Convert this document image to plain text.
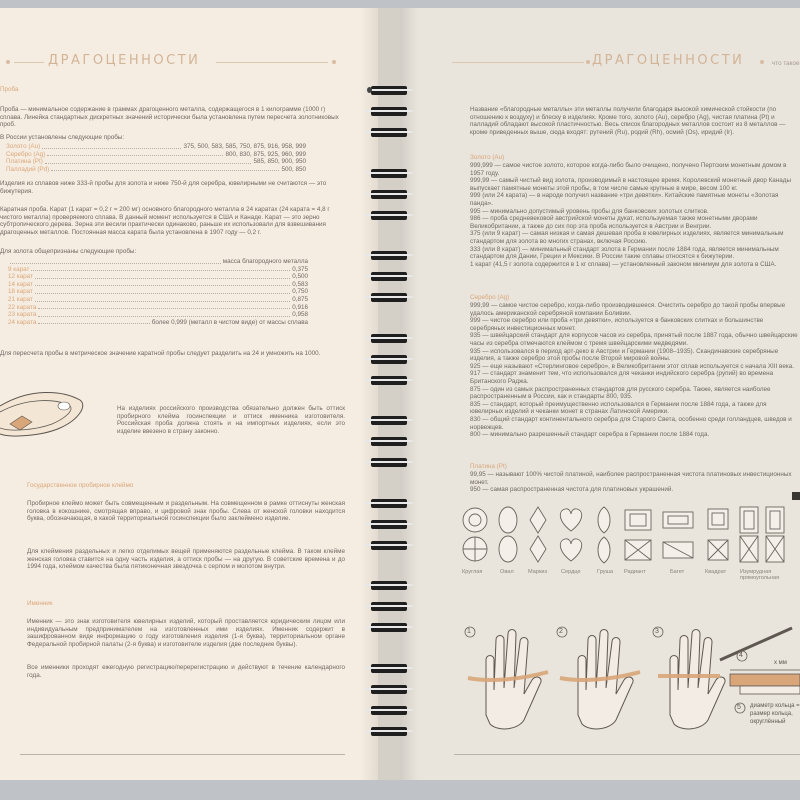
ДРАГОЦЕННОСТИ
Проба
Проба — минимальное содержание в граммах драгоценного металла, содержащегося в 1 килограмме (1000 г) сплава. Линейка стандартных дискретных значений исторически была установлена путем пересчета золотниковых проб.
В России установлены следующие пробы:
Золото (Au)	375, 500, 583, 585, 750, 875, 916, 958, 999
Серебро (Ag)	800, 830, 875, 925, 960, 999
Платина (Pt)	585, 850, 900, 950
Палладий (Pd)	500, 850
Изделия из сплавов ниже 333-й пробы для золота и ниже 750-й для серебра, ювелирными не считаются — это бижутерия.
Каратная проба. Карат (1 карат = 0,2 г = 200 мг) основного благородного металла в 24 каратах (24 карата = 4,8 г чистого металла) проверяемого сплава. В данный момент используется в США и Канаде. Карат — это зерно субтропического дерева. Зерна эти весили практически одинаково, раньше их использовали для взвешивания драгоценных металлов. Постоянная масса карата была установлена в 1907 году — 0,2 г.
Для золота общепризнаны следующие пробы:
масса благородного металла
9 карат	0,375
12 карат	0,500
14 карат	0,583
18 карат	0,750
21 карат	0,875
22 карата	0,916
23 карата	0,958
24 карата	более 0,999 (металл в чистом виде) от массы сплава
Для пересчета пробы в метрическое значение каратной пробы следует разделить на 24 и умножить на 1000.
На изделиях российского производства обязательно должен быть оттиск пробирного клейма госинспекции и оттиск именника изготовителя. Российская проба должна стоять и на импортных изделиях, если это изделие ввезено в страну законно.
Государственное пробирное клеймо
Пробирное клеймо может быть совмещенным и раздельным. На совмещенном в рамке оттиснуты женская головка в кокошнике, смотрящая вправо, и цифровой знак пробы. Слева от женской головки находится буква, обозначающая, в какой территориальной госинспекции было заклеймено изделие.
Для клеймения раздельных и легко отделимых вещей применяются раздельные клейма. В таком клейме женская головка ставится на одну часть изделия, а оттиск пробы — на другую. В советские времена и до 1994 года, клеймом качества была пятиконечная звездочка с серпом и молотом внутри.
Именник
Именник — это знак изготовителя ювелирных изделий, который проставляется юридическим лицом или индивидуальным предпринимателем на изготовленных ими изделиях. Именник содержит в зашифрованном виде информацию о году изготовления изделия (1-я буква), территориальном органе Федеральной пробирной палаты (2-я буква) и изготовителе изделия (две последние буквы).
Все именники проходят ежегодную регистрацию/перерегистрацию и действуют в течение календарного года.
ДРАГОЦЕННОСТИ	что такое
Название «благородные металлы» эти металлы получили благодаря высокой химической стойкости (по отношению к воздуху) и блеску в изделиях. Кроме того, золото (Au), серебро (Ag), чистая платина (Pt) и палладий обладают высокой пластичностью. Весь список благородных металлов состоит из 8 металлов — кроме приведенных выше, сюда входят: рутений (Ru), родий (Rh), осмий (Os), иридий (Ir).
Золото (Au)
999,999 — самое чистое золото, которое когда-либо было очищено, получено Пертским монетным домом в 1957 году.
999,99 — самый чистый вид золота, производимый в настоящее время. Королевский монетный двор Канады выпускает памятные монеты этой пробы, в том числе самые крупные в мире, весом 100 кг.
999 (или 24 карата) — в народе получил название «три девятки». Китайские памятные монеты «Золотая панда».
995 — минимально допустимый уровень пробы для банковских золотых слитков.
986 — проба средневековой австрийской монеты дукат, используемая также монетными дворами Великобритании, а также до сих пор эта проба используется в Австрии и Венгрии.
375 (или 9 карат) — самая низкая и самая дешевая проба в ювелирных изделиях, является минимальным стандартом для золота во многих странах, включая Россию.
333 (или 8 карат) — минимальный стандарт золота в Германии после 1884 года, является минимальным стандартом для Дании, Греции и Мексики. В России такие сплавы относятся к бижутерии.
1 карат (41,5 г золота содержится в 1 кг сплава) — установленный законом минимум для золота в США.
Серебро (Ag)
999,99 — самое чистое серебро, когда-либо производившееся. Очистить серебро до такой пробы впервые удалось американской серебряной компании Боливии.
999 — чистое серебро или проба «три девятки», используется в банковских слитках и большинстве серебряных инвестиционных монет.
935 — швейцарский стандарт для корпусов часов из серебра, принятый после 1887 года, обычно швейцарские часы из серебра отмечаются клеймом с тремя швейцарскими медведями.
935 — использовался в период арт-деко в Австрии и Германии (1908–1935). Скандинавские серебряные изделия, а также серебро этой пробы после Второй мировой войны.
925 — еще называют «Стерлинговое серебро», в Великобритании этот сплав используется с начала XIII века.
917 — стандарт знаменит тем, что использовался для чеканки индийского серебра (рупий) во времена Британского Раджа.
875 — один из самых распространенных стандартов для русского серебра. Также, является наиболее распространенным в России, как и стандарты 800, 935.
835 — стандарт, который преимущественно использовался в Германии после 1884 года, а также для ювелирных изделий и чеканки монет в странах Латинской Америки.
830 — общий стандарт континентального серебра для Старого Света, особенно среди голландцев, шведов и норвежцев.
800 — минимально разрешенный стандарт серебра в Германии после 1884 года.
Платина (Pt)
99,95 — называют 100% чистой платиной, наиболее распространенная чистота платиновых инвестиционных монет.
950 — самая распространенная чистота для платиновых украшений.
Круглая	Овал	Маркиз Сердце	Груша Радиант	Багет	Квадрат Изумрудная прямоугольная
1	2	3
4
5
x мм
диаметр кольца = размер кольца, округлённый
